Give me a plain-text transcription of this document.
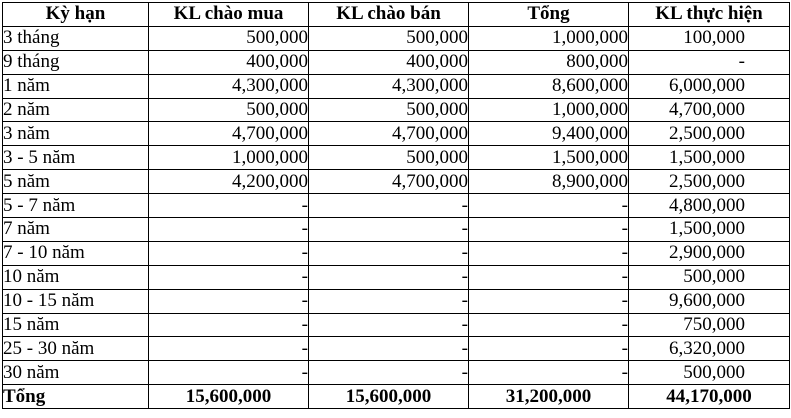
Kỳ hạn	KL chào mua	KL chào bán	Tổng	KL thực hiện
3 tháng	500,000	500,000	1,000,000	100,000
9 tháng	400,000	400,000	800,000	-
1 năm	4,300,000	4,300,000	8,600,000	6,000,000
2 năm	500,000	500,000	1,000,000	4,700,000
3 năm	4,700,000	4,700,000	9,400,000	2,500,000
3 - 5 năm	1,000,000	500,000	1,500,000	1,500,000
5 năm	4,200,000	4,700,000	8,900,000	2,500,000
5 - 7 năm	-	-	-	4,800,000
7 năm	-	-	-	1,500,000
7 - 10 năm	-	-	-	2,900,000
10 năm	-	-	-	500,000
10 - 15 năm	-	-	-	9,600,000
15 năm	-	-	-	750,000
25 - 30 năm	-	-	-	6,320,000
30 năm	-	-	-	500,000
Tổng	15,600,000	15,600,000	31,200,000	44,170,000
